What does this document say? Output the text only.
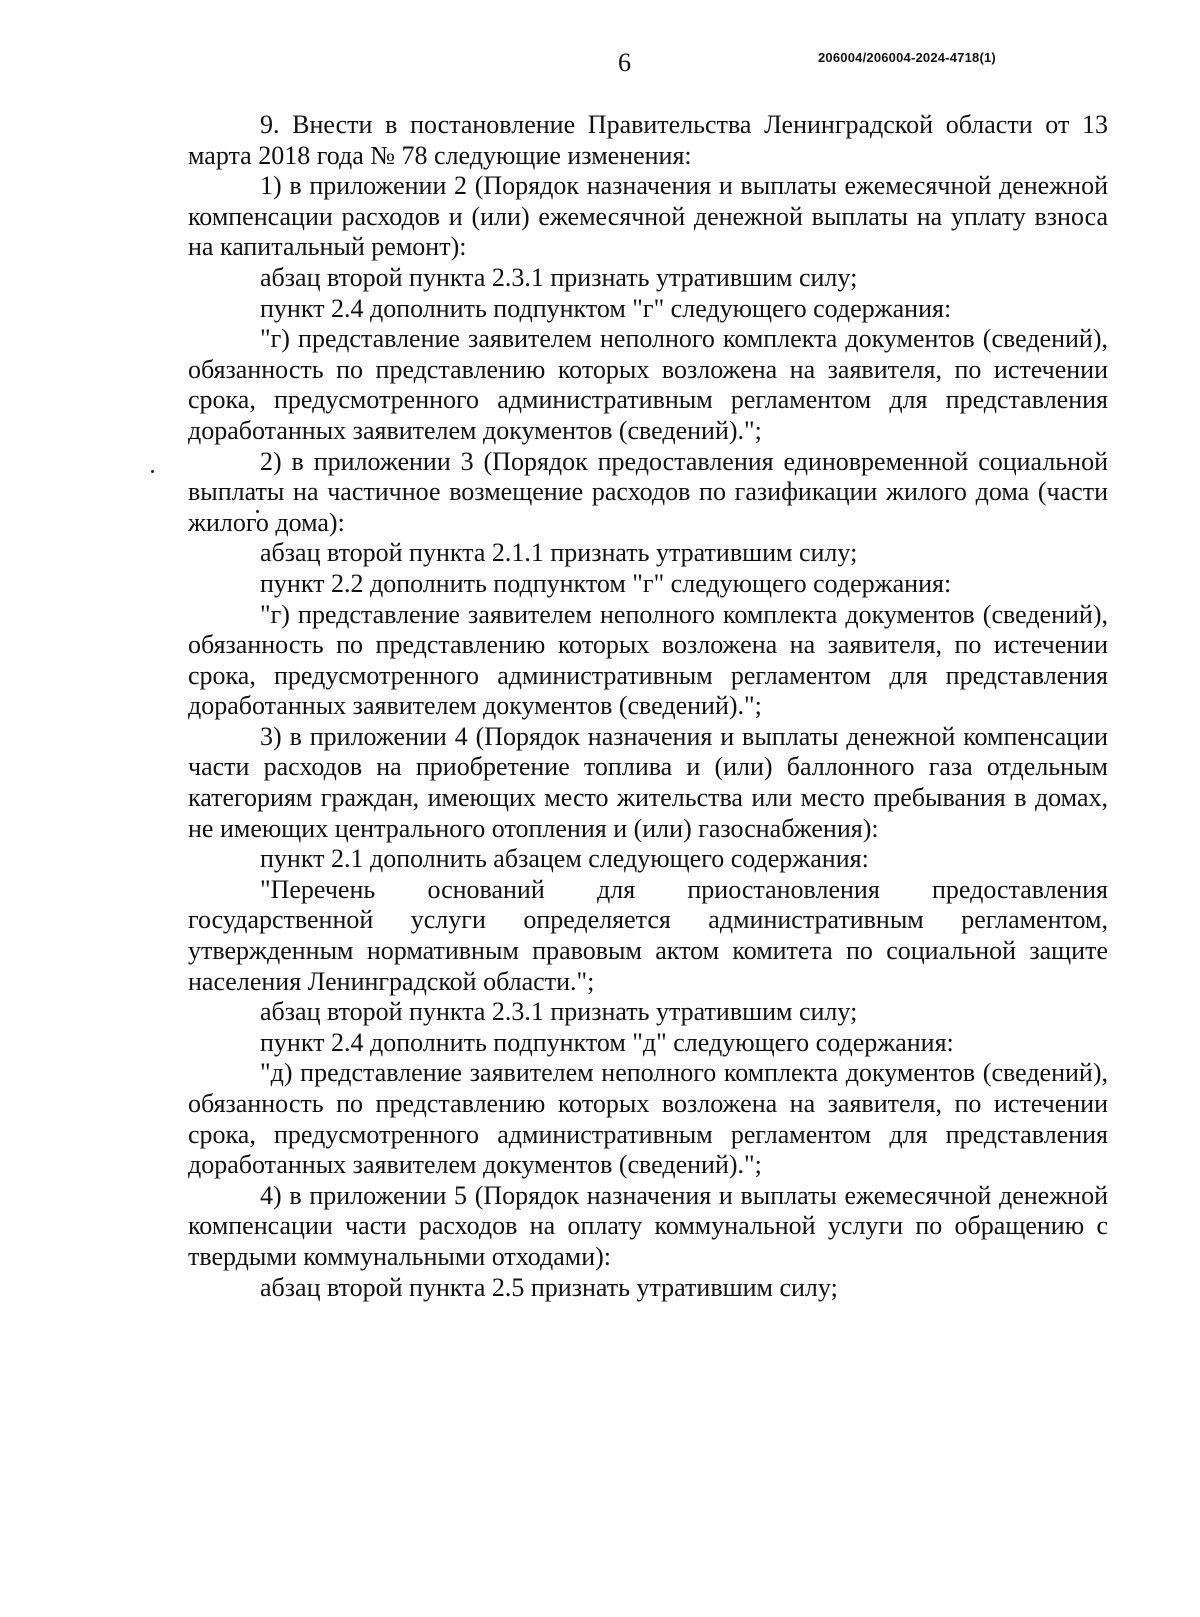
6	206004/206004-2024-4718(1)

9. Внести в постановление Правительства Ленинградской области от 13 марта 2018 года № 78 следующие изменения:

1) в приложении 2 (Порядок назначения и выплаты ежемесячной денежной компенсации расходов и (или) ежемесячной денежной выплаты на уплату взноса на капитальный ремонт):

абзац второй пункта 2.3.1 признать утратившим силу;

пункт 2.4 дополнить подпунктом "г" следующего содержания:

"г) представление заявителем неполного комплекта документов (сведений), обязанность по представлению которых возложена на заявителя, по истечении срока, предусмотренного административным регламентом для представления доработанных заявителем документов (сведений).";

2) в приложении 3 (Порядок предоставления единовременной социальной выплаты на частичное возмещение расходов по газификации жилого дома (части жилого дома):

абзац второй пункта 2.1.1 признать утратившим силу;

пункт 2.2 дополнить подпунктом "г" следующего содержания:

"г) представление заявителем неполного комплекта документов (сведений), обязанность по представлению которых возложена на заявителя, по истечении срока, предусмотренного административным регламентом для представления доработанных заявителем документов (сведений).";

3) в приложении 4 (Порядок назначения и выплаты денежной компенсации части расходов на приобретение топлива и (или) баллонного газа отдельным категориям граждан, имеющих место жительства или место пребывания в домах, не имеющих центрального отопления и (или) газоснабжения):

пункт 2.1 дополнить абзацем следующего содержания:

"Перечень оснований для приостановления предоставления государственной услуги определяется административным регламентом, утвержденным нормативным правовым актом комитета по социальной защите населения Ленинградской области.";

абзац второй пункта 2.3.1 признать утратившим силу;

пункт 2.4 дополнить подпунктом "д" следующего содержания:

"д) представление заявителем неполного комплекта документов (сведений), обязанность по представлению которых возложена на заявителя, по истечении срока, предусмотренного административным регламентом для представления доработанных заявителем документов (сведений).";

4) в приложении 5 (Порядок назначения и выплаты ежемесячной денежной компенсации части расходов на оплату коммунальной услуги по обращению с твердыми коммунальными отходами):

абзац второй пункта 2.5 признать утратившим силу;
